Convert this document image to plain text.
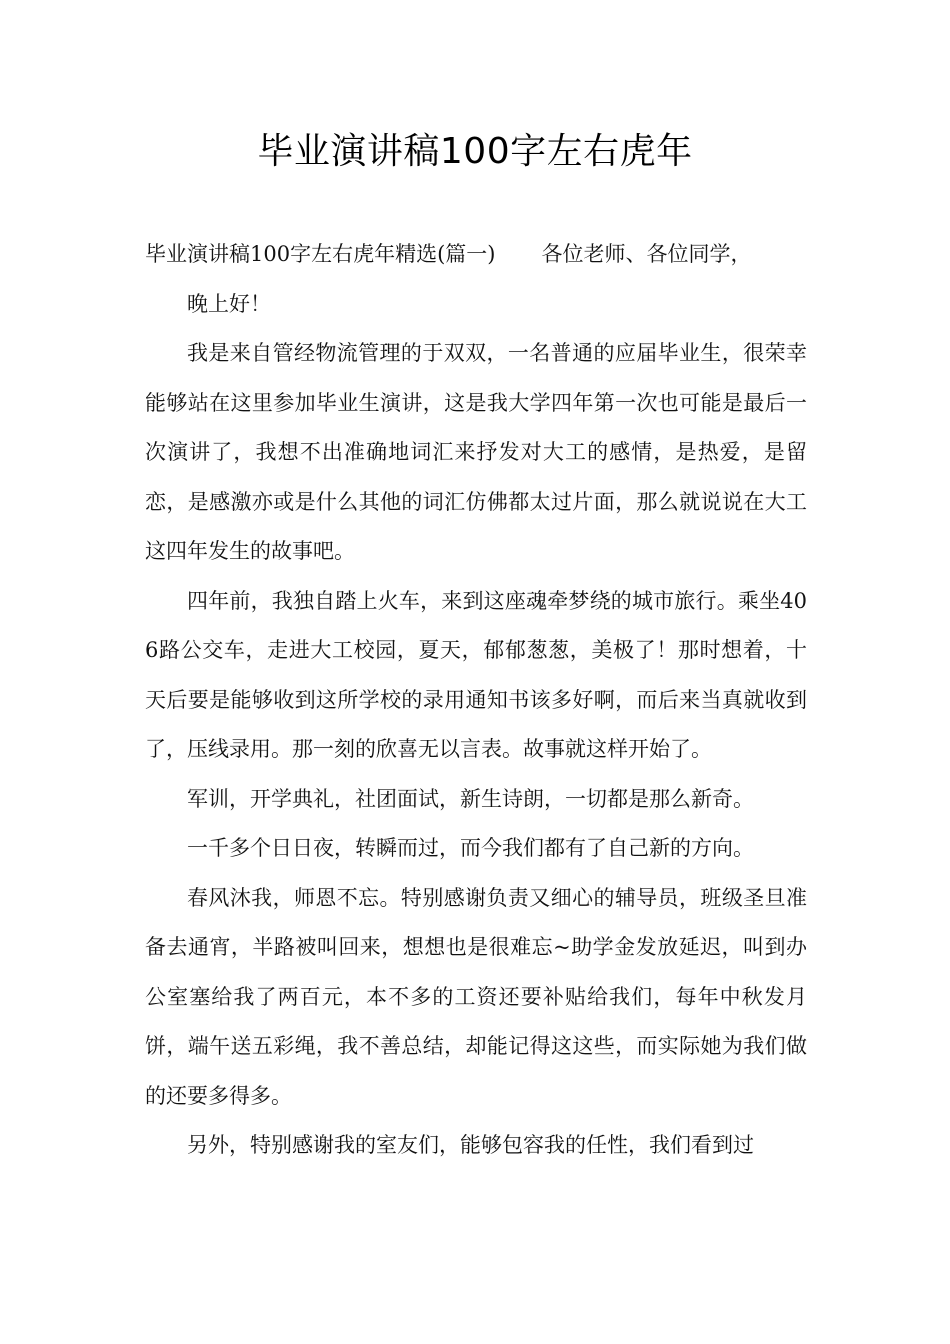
毕业演讲稿100字左右虎年

毕业演讲稿100字左右虎年精选(篇一) 各位老师、各位同学，

晚上好！

我是来自管经物流管理的于双双，一名普通的应届毕业生，很荣幸能够站在这里参加毕业生演讲，这是我大学四年第一次也可能是最后一次演讲了，我想不出准确地词汇来抒发对大工的感情，是热爱，是留恋，是感激亦或是什么其他的词汇仿佛都太过片面，那么就说说在大工这四年发生的故事吧。

四年前，我独自踏上火车，来到这座魂牵梦绕的城市旅行。乘坐406路公交车，走进大工校园，夏天，郁郁葱葱，美极了！那时想着，十天后要是能够收到这所学校的录用通知书该多好啊，而后来当真就收到了，压线录用。那一刻的欣喜无以言表。故事就这样开始了。

军训，开学典礼，社团面试，新生诗朗，一切都是那么新奇。

一千多个日日夜，转瞬而过，而今我们都有了自己新的方向。

春风沐我，师恩不忘。特别感谢负责又细心的辅导员，班级圣旦准备去通宵，半路被叫回来，想想也是很难忘~助学金发放延迟，叫到办公室塞给我了两百元，本不多的工资还要补贴给我们，每年中秋发月饼，端午送五彩绳，我不善总结，却能记得这这些，而实际她为我们做的还要多得多。

另外，特别感谢我的室友们，能够包容我的任性，我们看到过
